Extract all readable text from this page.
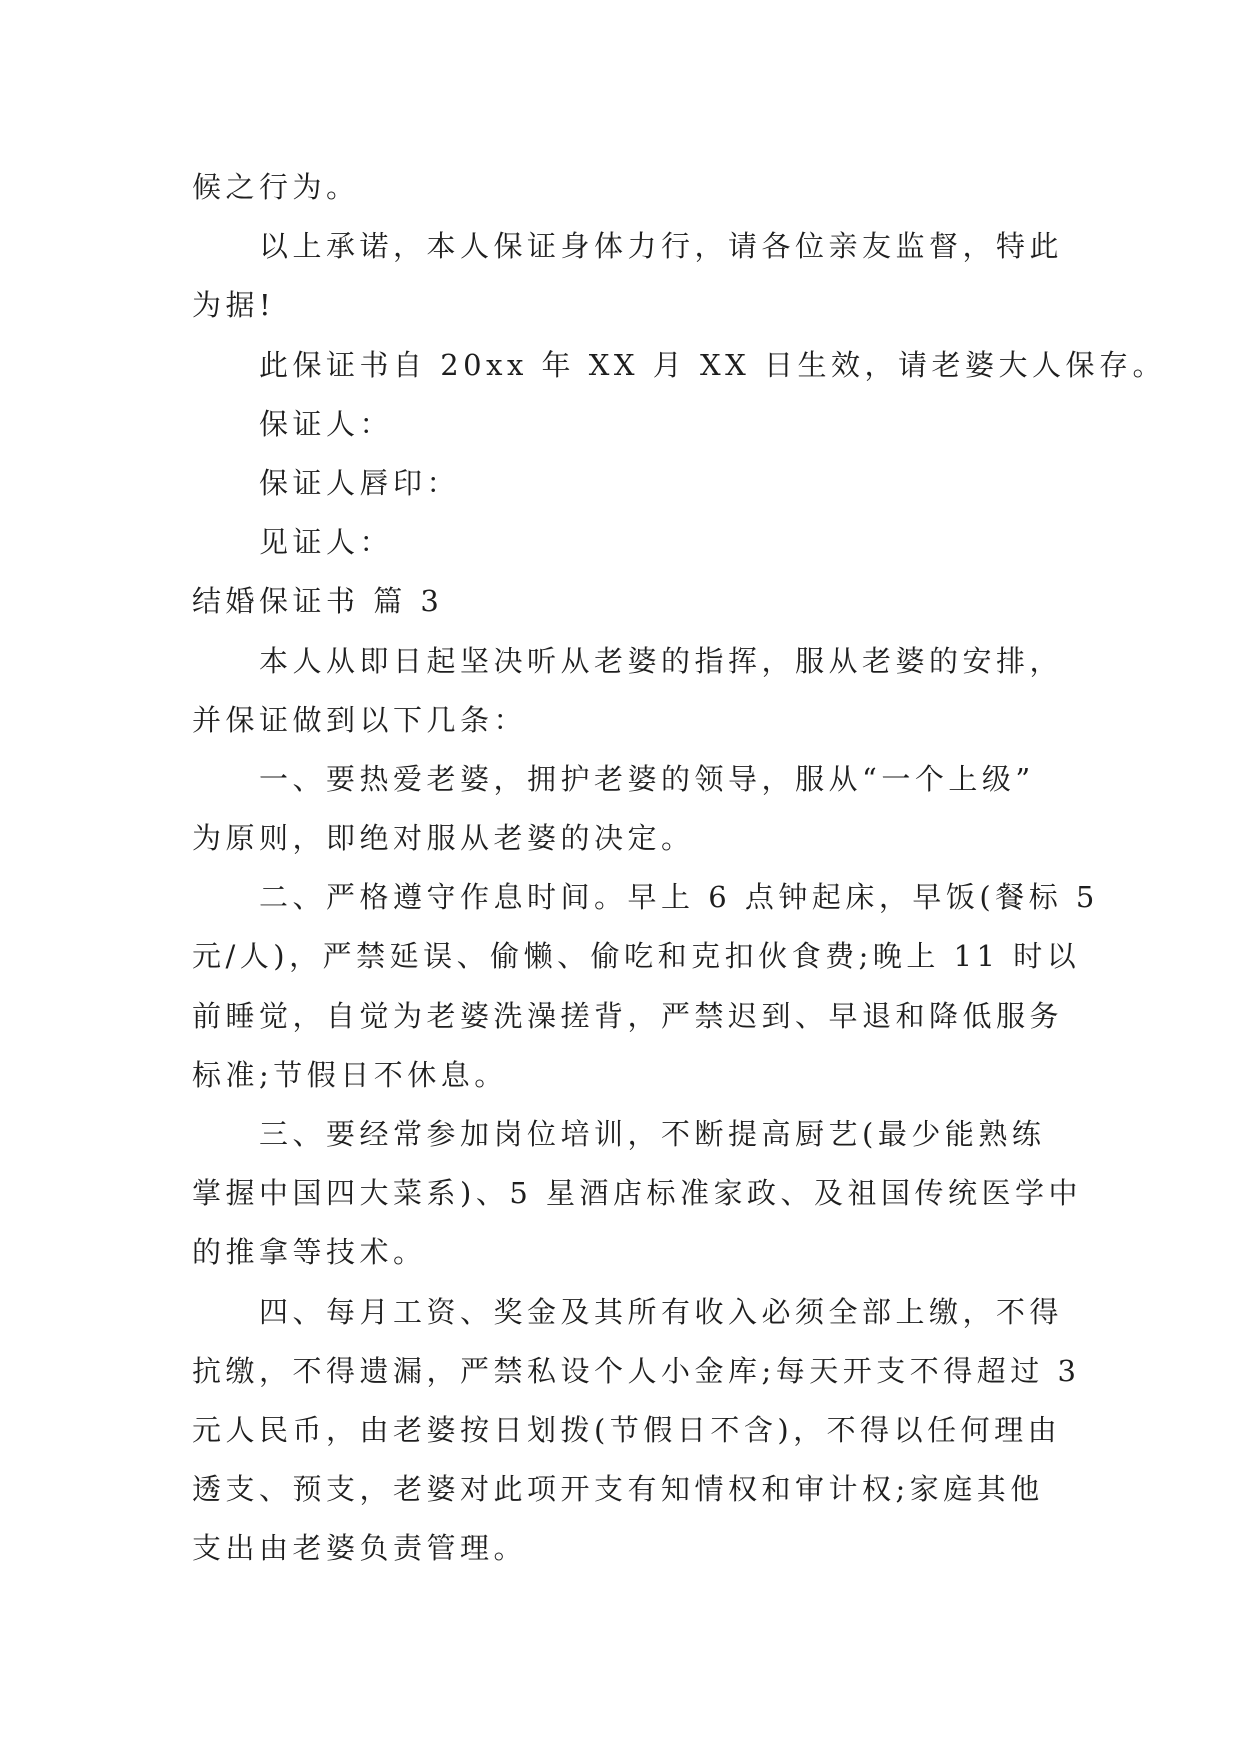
候之行为。
以上承诺，本人保证身体力行，请各位亲友监督，特此
为据!
此保证书自 20xx 年 XX 月 XX 日生效，请老婆大人保存。
保证人：
保证人唇印：
见证人：
结婚保证书 篇 3
本人从即日起坚决听从老婆的指挥，服从老婆的安排，
并保证做到以下几条：
一、要热爱老婆，拥护老婆的领导，服从“一个上级”
为原则，即绝对服从老婆的决定。
二、严格遵守作息时间。早上 6 点钟起床，早饭(餐标 5
元/人)，严禁延误、偷懒、偷吃和克扣伙食费;晚上 11 时以
前睡觉，自觉为老婆洗澡搓背，严禁迟到、早退和降低服务
标准;节假日不休息。
三、要经常参加岗位培训，不断提高厨艺(最少能熟练
掌握中国四大菜系)、5 星酒店标准家政、及祖国传统医学中
的推拿等技术。
四、每月工资、奖金及其所有收入必须全部上缴，不得
抗缴，不得遗漏，严禁私设个人小金库;每天开支不得超过 3
元人民币，由老婆按日划拨(节假日不含)，不得以任何理由
透支、预支，老婆对此项开支有知情权和审计权;家庭其他
支出由老婆负责管理。
